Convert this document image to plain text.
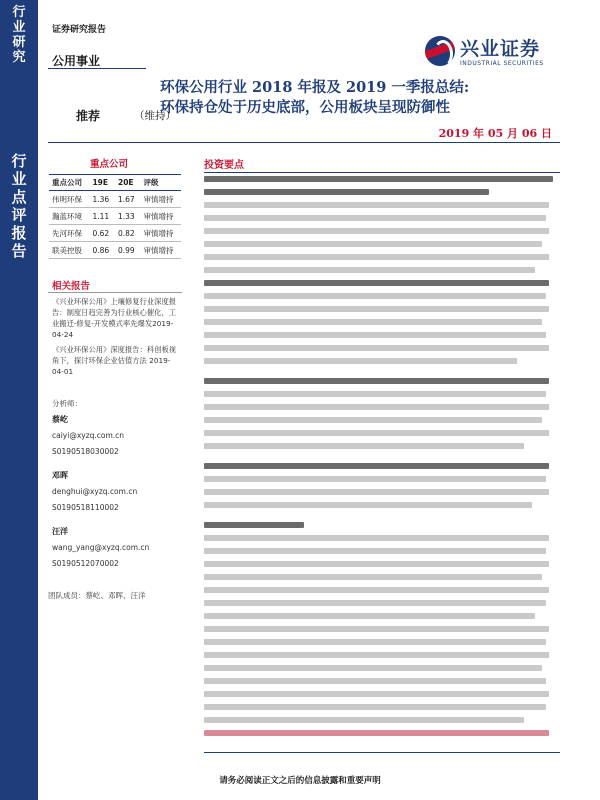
行业研究
行业点评报告
证券研究报告
公用事业
兴业证券
INDUSTRIAL SECURITIES
环保公用行业 2018 年报及 2019 一季报总结:
环保持仓处于历史底部，公用板块呈现防御性
推荐	（维持）
2019 年 05 月 06 日
重点公司
重点公司	19E	20E	评级
伟明环保	1.36	1.67	审慎增持
瀚蓝环境	1.11	1.33	审慎增持
先河环保	0.62	0.82	审慎增持
联美控股	0.86	0.99	审慎增持
相关报告
《兴业环保公用》上壤修复行业深度报告：制度日趋完善为行业核心催化，工业搬迁-修复-开发模式率先爆发2019-04-24
《兴业环保公用》深度报告：科创板视角下，探讨环保企业估值方法 2019-04-01
分析师：
蔡屹
caiyi@xyzq.com.cn
S0190518030002
邓晖
denghui@xyzq.com.cn
S0190518110002
汪洋
wang_yang@xyzq.com.cn
S0190512070002
团队成员：蔡屹、邓晖、汪洋
投资要点
请务必阅读正文之后的信息披露和重要声明
